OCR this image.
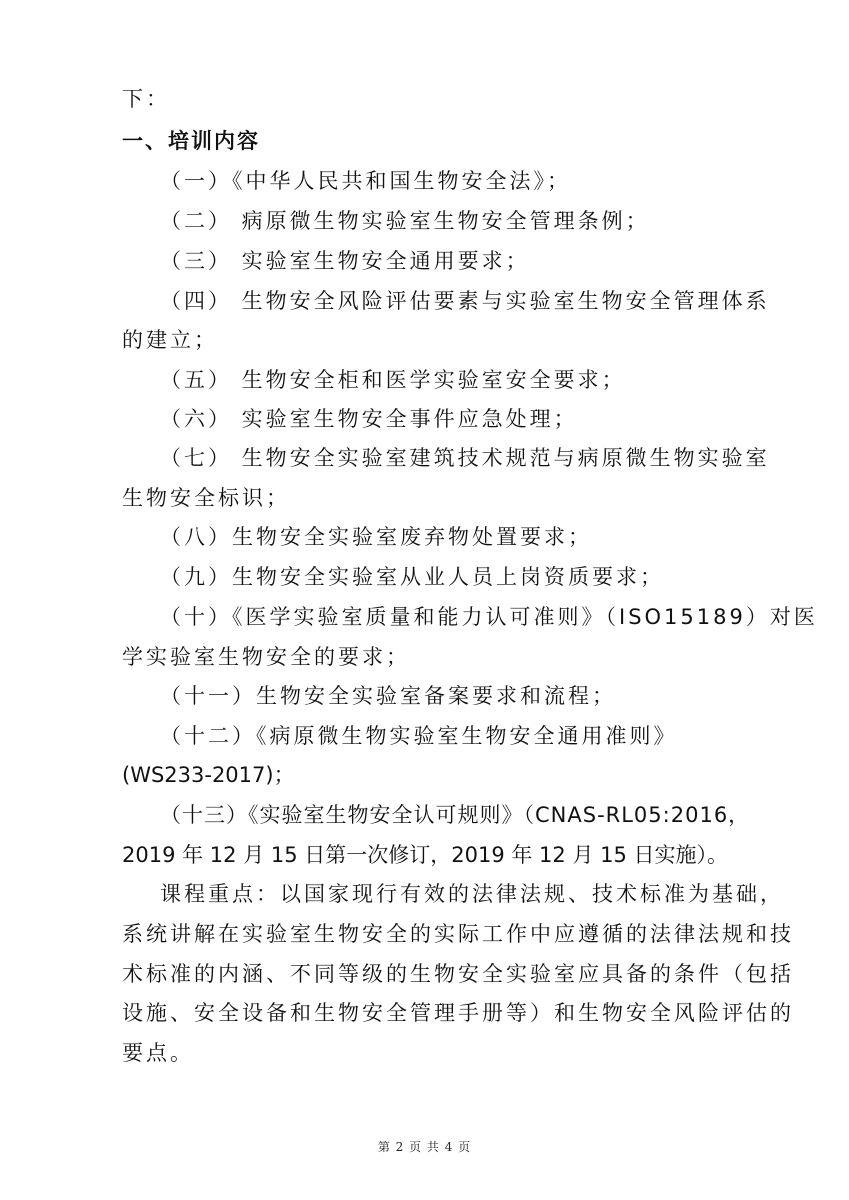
下：
一、培训内容
（一）《中华人民共和国生物安全法》；
（二） 病原微生物实验室生物安全管理条例；
（三） 实验室生物安全通用要求；
（四） 生物安全风险评估要素与实验室生物安全管理体系
的建立；
（五） 生物安全柜和医学实验室安全要求；
（六） 实验室生物安全事件应急处理；
（七） 生物安全实验室建筑技术规范与病原微生物实验室
生物安全标识；
（八）生物安全实验室废弃物处置要求；
（九）生物安全实验室从业人员上岗资质要求；
（十）《医学实验室质量和能力认可准则》（ISO15189）对医
学实验室生物安全的要求；
（十一）生物安全实验室备案要求和流程；
（十二）《病原微生物实验室生物安全通用准则》
(WS233-2017)；
（十三）《实验室生物安全认可规则》（CNAS-RL05:2016，
2019 年 12 月 15 日第一次修订，2019 年 12 月 15 日实施）。
课程重点：以国家现行有效的法律法规、技术标准为基础，
系统讲解在实验室生物安全的实际工作中应遵循的法律法规和技
术标准的内涵、不同等级的生物安全实验室应具备的条件（包括
设施、安全设备和生物安全管理手册等）和生物安全风险评估的
要点。
第 2 页 共 4 页
